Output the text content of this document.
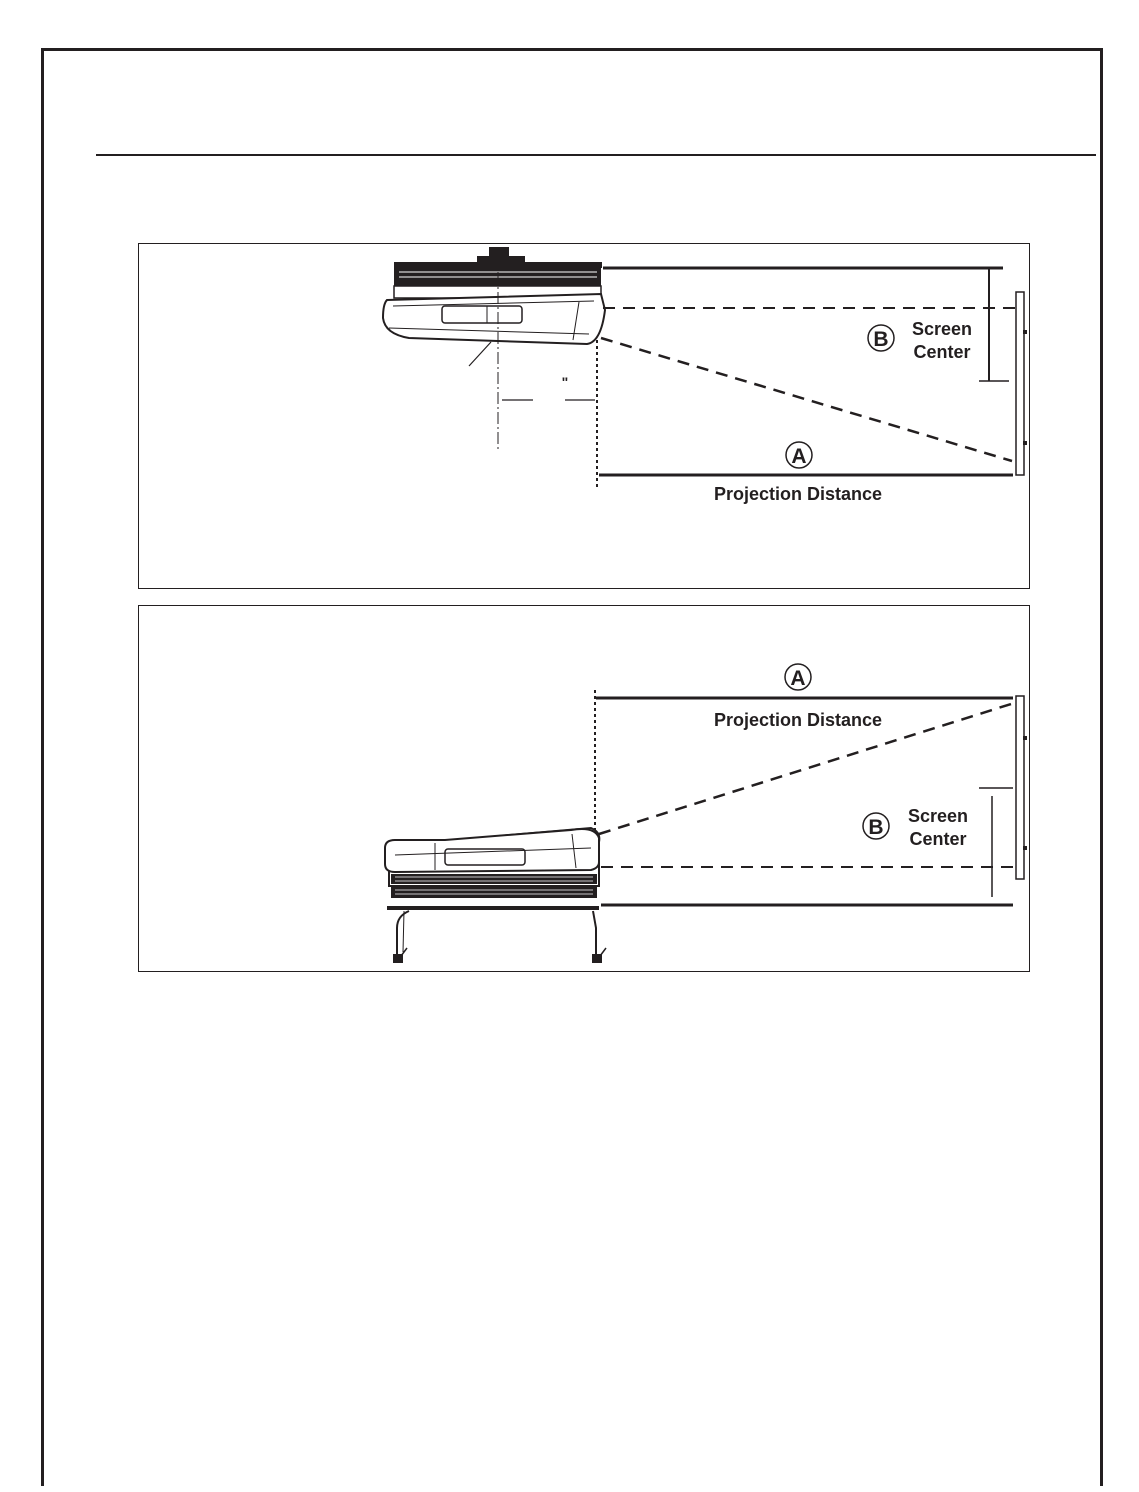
"
A
Projection Distance
B Screen
Center
A
Projection Distance
B Screen
Center
